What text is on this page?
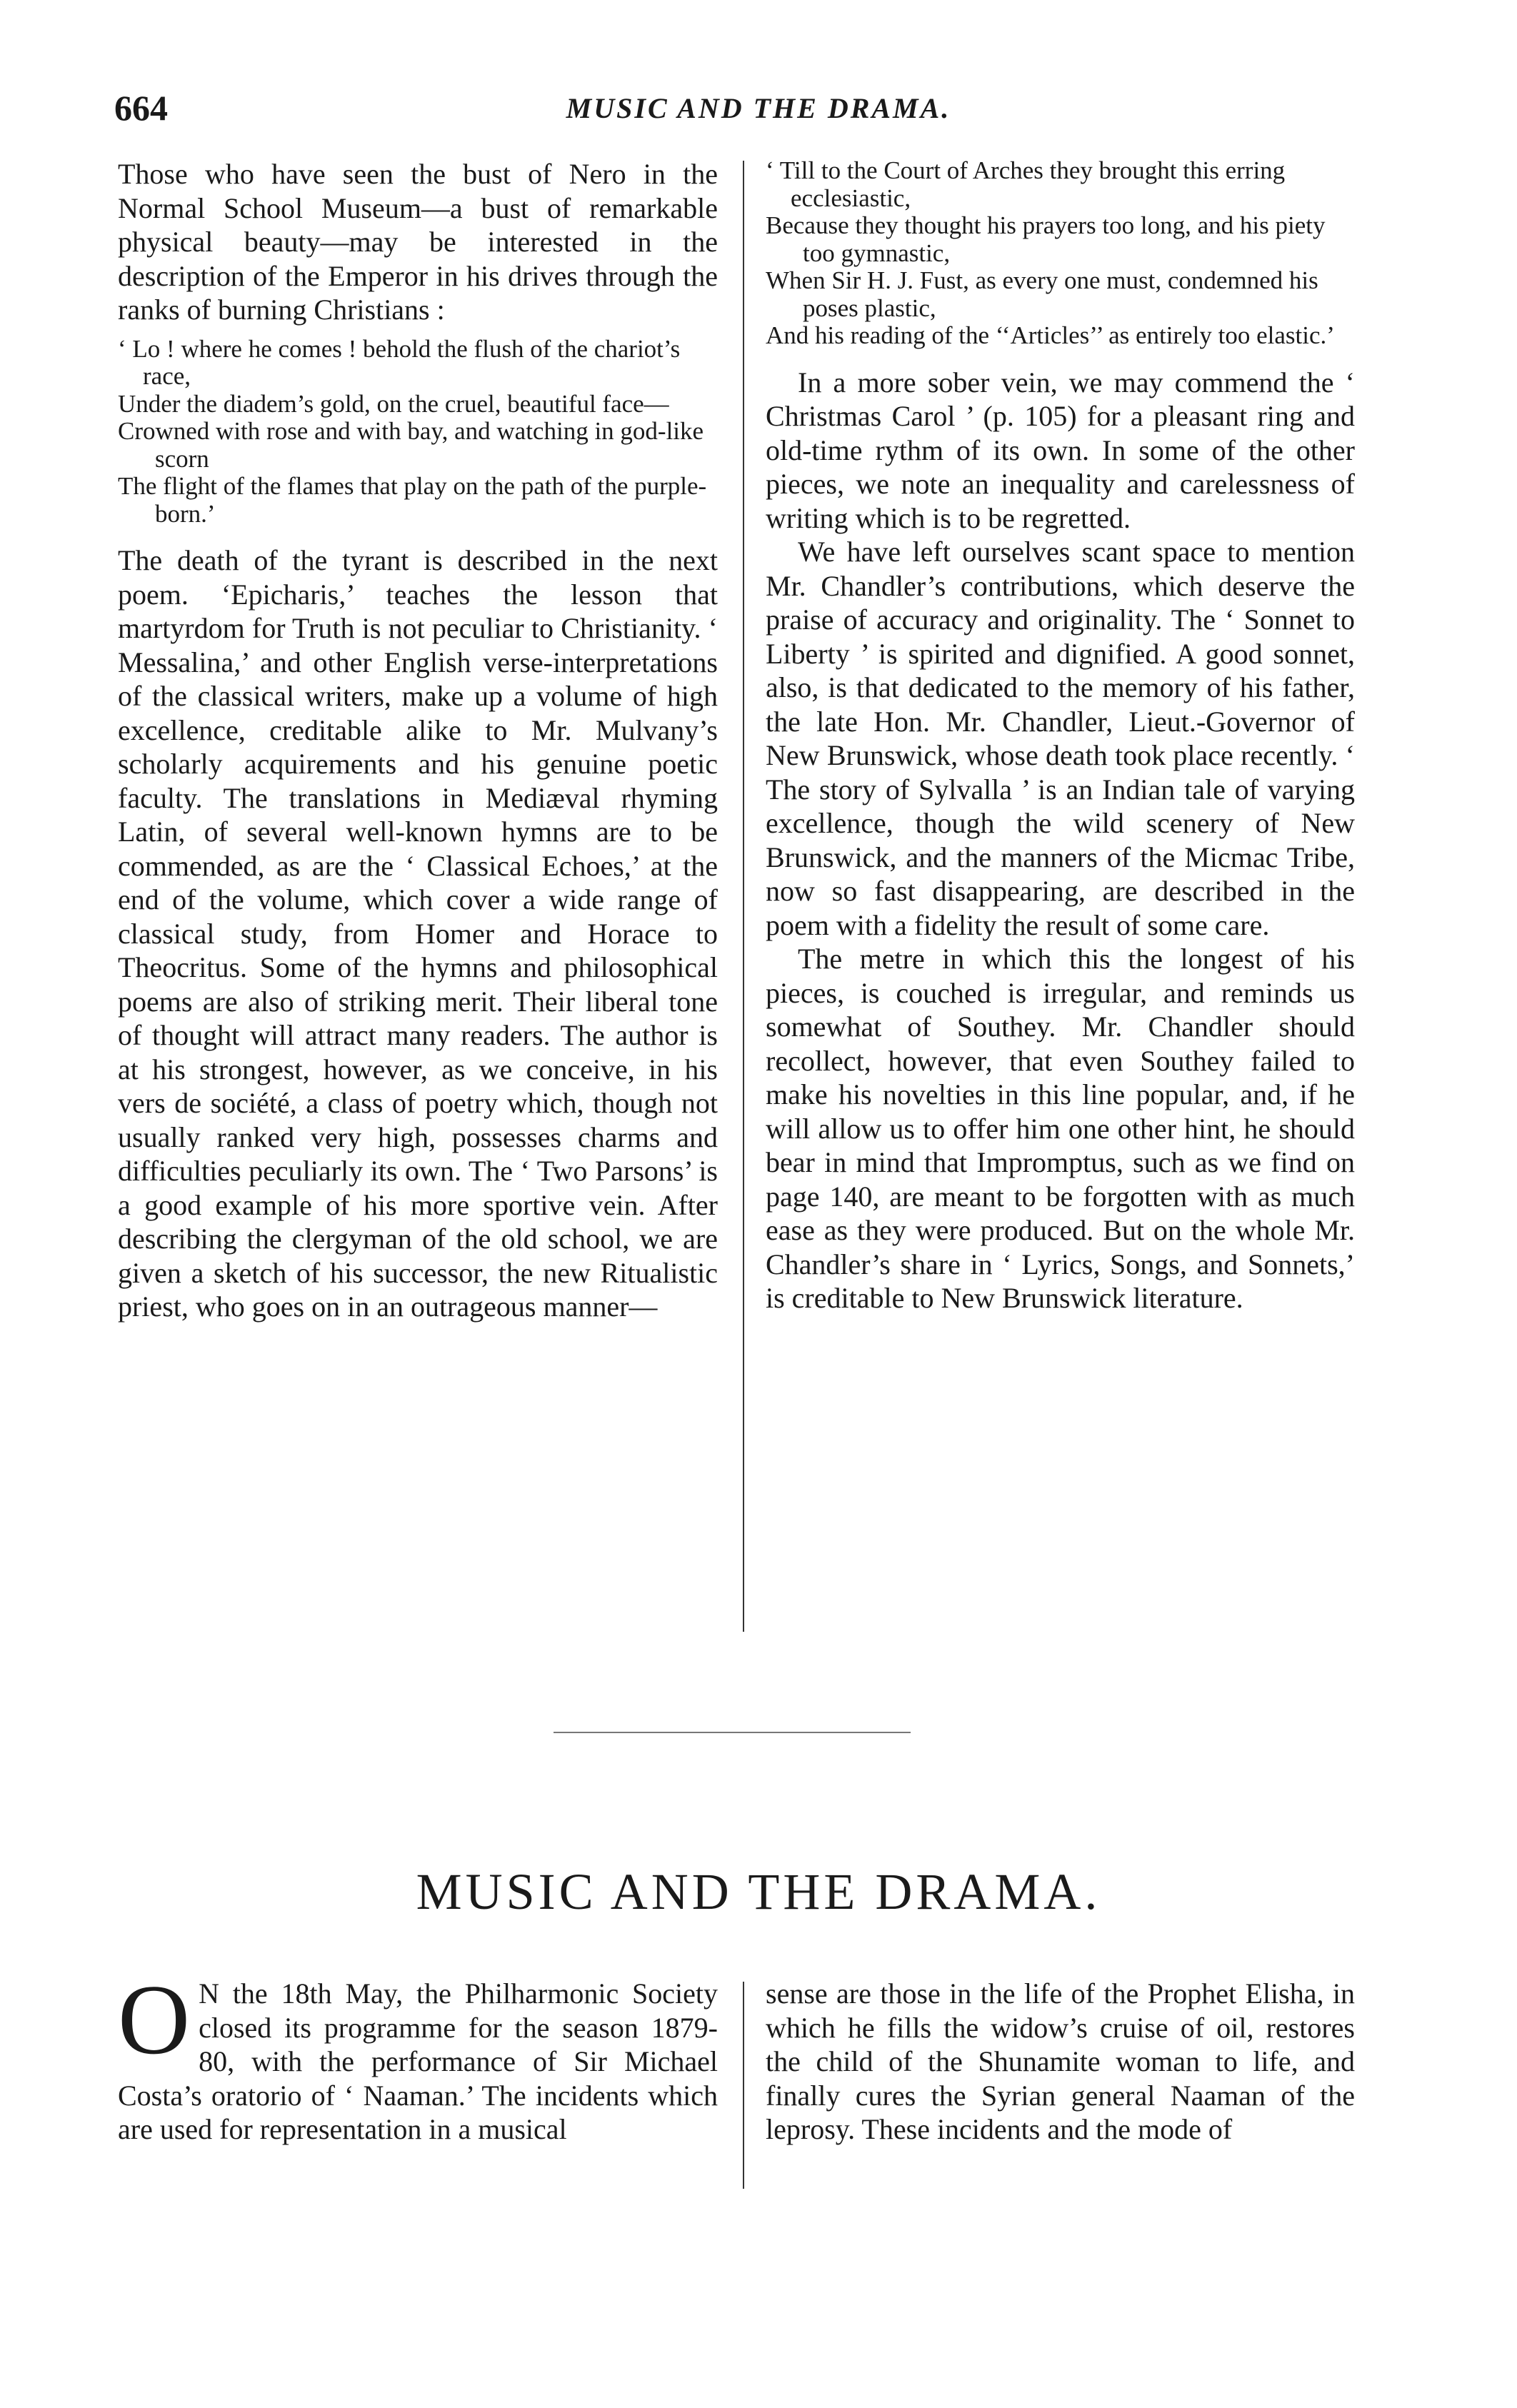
664	MUSIC AND THE DRAMA.

Those who have seen the bust of Nero in the Normal School Museum—a bust of remarkable physical beauty—may be interested in the description of the Emperor in his drives through the ranks of burning Christians :

‘ Lo ! where he comes ! behold the flush of the chariot’s race,
Under the diadem’s gold, on the cruel, beautiful face—
Crowned with rose and with bay, and watching in god-like scorn
The flight of the flames that play on the path of the purple-born.’

The death of the tyrant is described in the next poem. ‘Epicharis,’ teaches the lesson that martyrdom for Truth is not peculiar to Christianity. ‘ Messalina,’ and other English verse-interpretations of the classical writers, make up a volume of high excellence, creditable alike to Mr. Mulvany’s scholarly acquirements and his genuine poetic faculty. The translations in Mediæval rhyming Latin, of several well-known hymns are to be commended, as are the ‘ Classical Echoes,’ at the end of the volume, which cover a wide range of classical study, from Homer and Horace to Theocritus. Some of the hymns and philosophical poems are also of striking merit. Their liberal tone of thought will attract many readers. The author is at his strongest, however, as we conceive, in his vers de société, a class of poetry which, though not usually ranked very high, possesses charms and difficulties peculiarly its own. The ‘ Two Parsons’ is a good example of his more sportive vein. After describing the clergyman of the old school, we are given a sketch of his successor, the new Ritualistic priest, who goes on in an outrageous manner—

‘ Till to the Court of Arches they brought this erring ecclesiastic,
Because they thought his prayers too long, and his piety too gymnastic,
When Sir H. J. Fust, as every one must, condemned his poses plastic,
And his reading of the ‘‘Articles’’ as entirely too elastic.’

In a more sober vein, we may commend the ‘ Christmas Carol ’ (p. 105) for a pleasant ring and old-time rythm of its own. In some of the other pieces, we note an inequality and carelessness of writing which is to be regretted.

We have left ourselves scant space to mention Mr. Chandler’s contributions, which deserve the praise of accuracy and originality. The ‘ Sonnet to Liberty ’ is spirited and dignified. A good sonnet, also, is that dedicated to the memory of his father, the late Hon. Mr. Chandler, Lieut.-Governor of New Brunswick, whose death took place recently. ‘ The story of Sylvalla ’ is an Indian tale of varying excellence, though the wild scenery of New Brunswick, and the manners of the Micmac Tribe, now so fast disappearing, are described in the poem with a fidelity the result of some care.

The metre in which this the longest of his pieces, is couched is irregular, and reminds us somewhat of Southey. Mr. Chandler should recollect, however, that even Southey failed to make his novelties in this line popular, and, if he will allow us to offer him one other hint, he should bear in mind that Impromptus, such as we find on page 140, are meant to be forgotten with as much ease as they were produced. But on the whole Mr. Chandler’s share in ‘ Lyrics, Songs, and Sonnets,’ is creditable to New Brunswick literature.

MUSIC AND THE DRAMA.

O N the 18th May, the Philharmonic Society closed its programme for the season 1879-80, with the performance of Sir Michael Costa’s oratorio of ‘ Naaman.’ The incidents which are used for representation in a musical

sense are those in the life of the Prophet Elisha, in which he fills the widow’s cruise of oil, restores the child of the Shunamite woman to life, and finally cures the Syrian general Naaman of the leprosy. These incidents and the mode of
